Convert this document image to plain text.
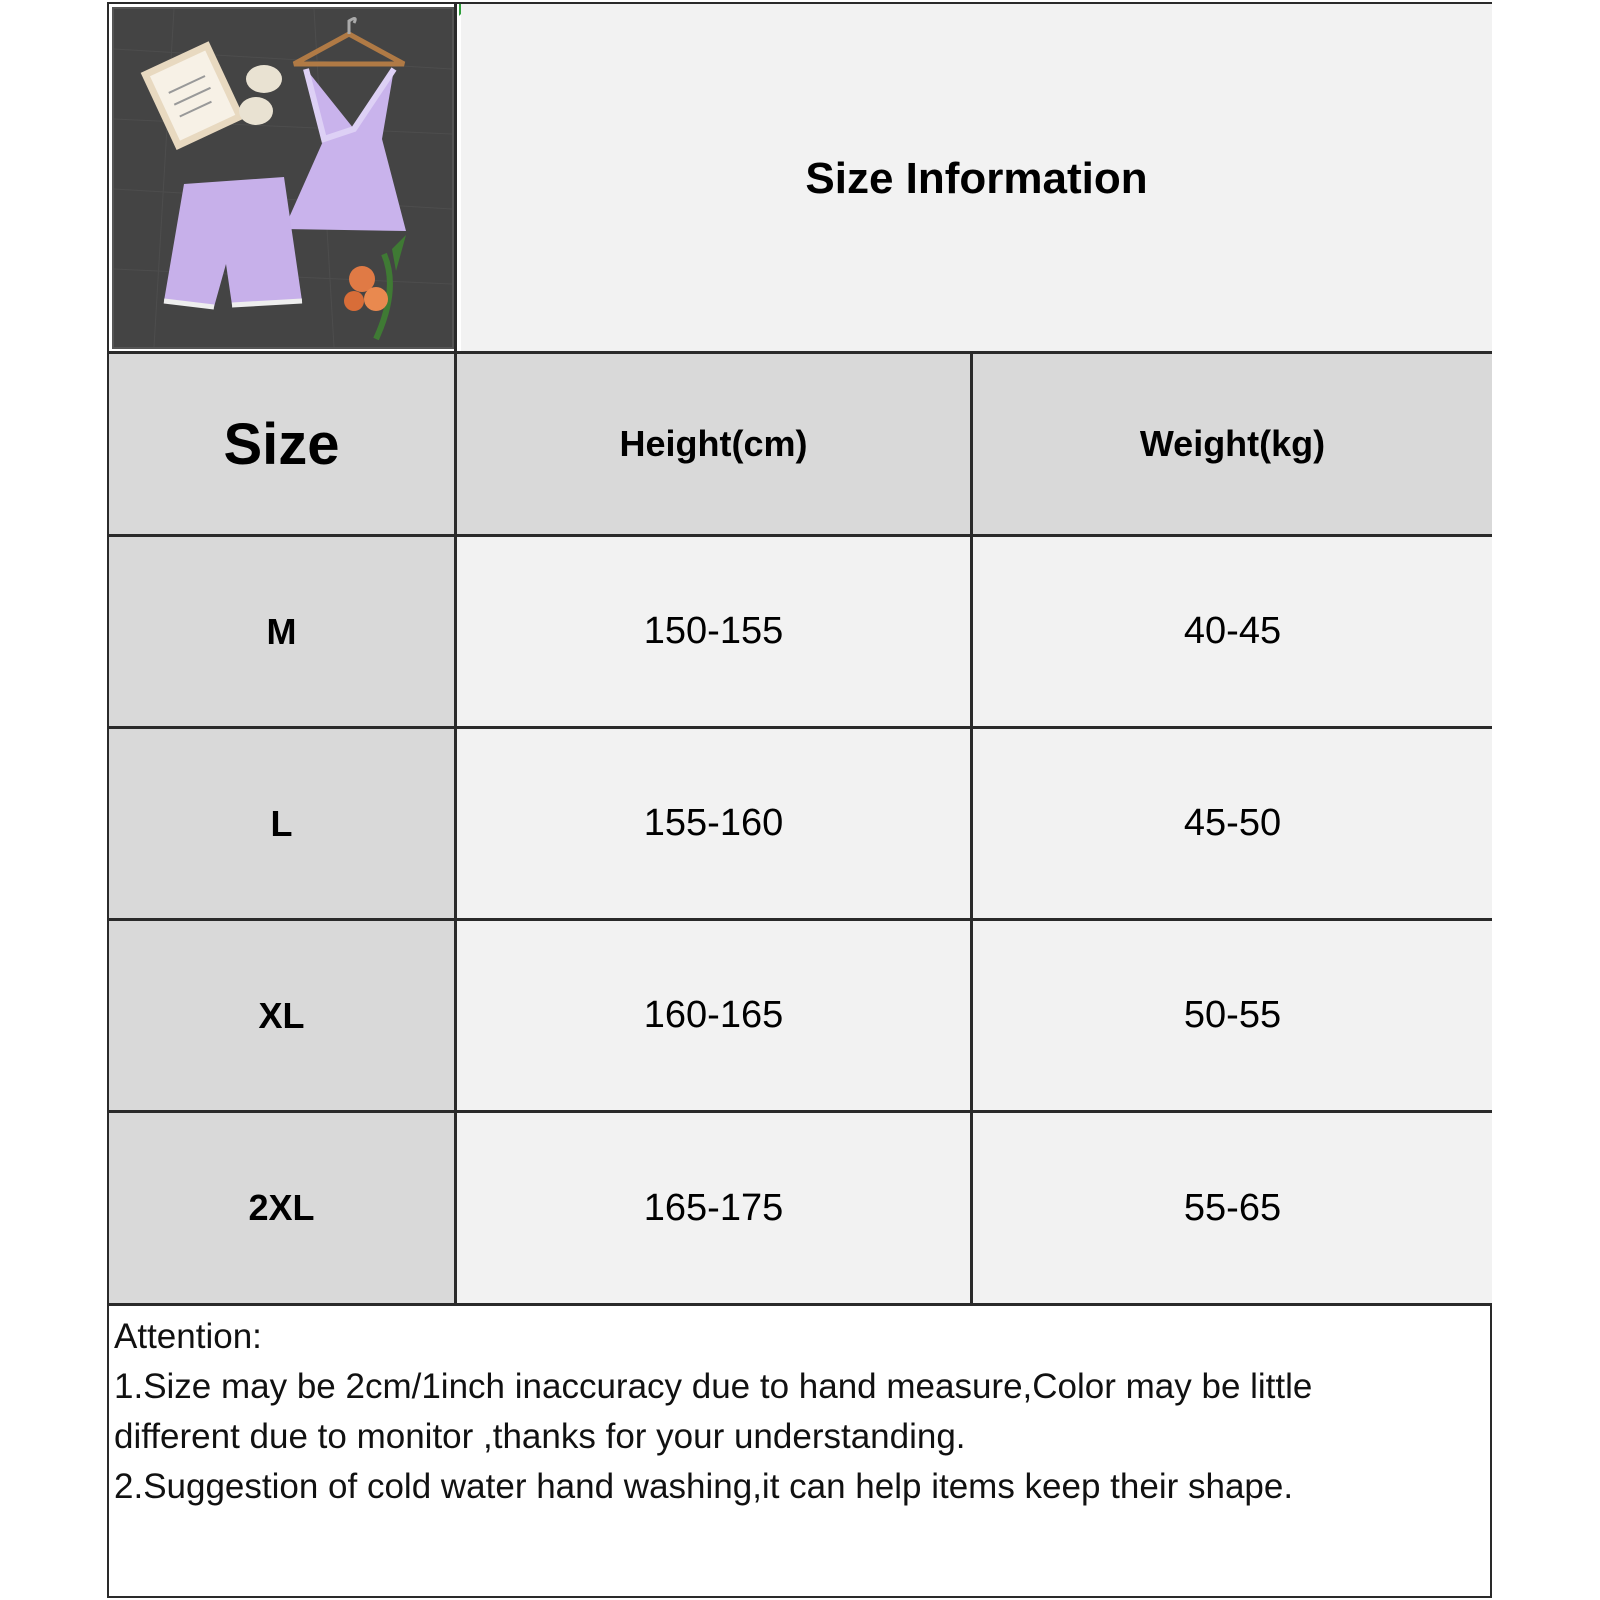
Size Information
Size	Height(cm)	Weight(kg)
M	150-155	40-45
L	155-160	45-50
XL	160-165	50-55
2XL	165-175	55-65
Attention:
1.Size may be 2cm/1inch inaccuracy due to hand measure,Color may be little
different due to monitor ,thanks for your understanding.
2.Suggestion of cold water hand washing,it can help items keep their shape.
